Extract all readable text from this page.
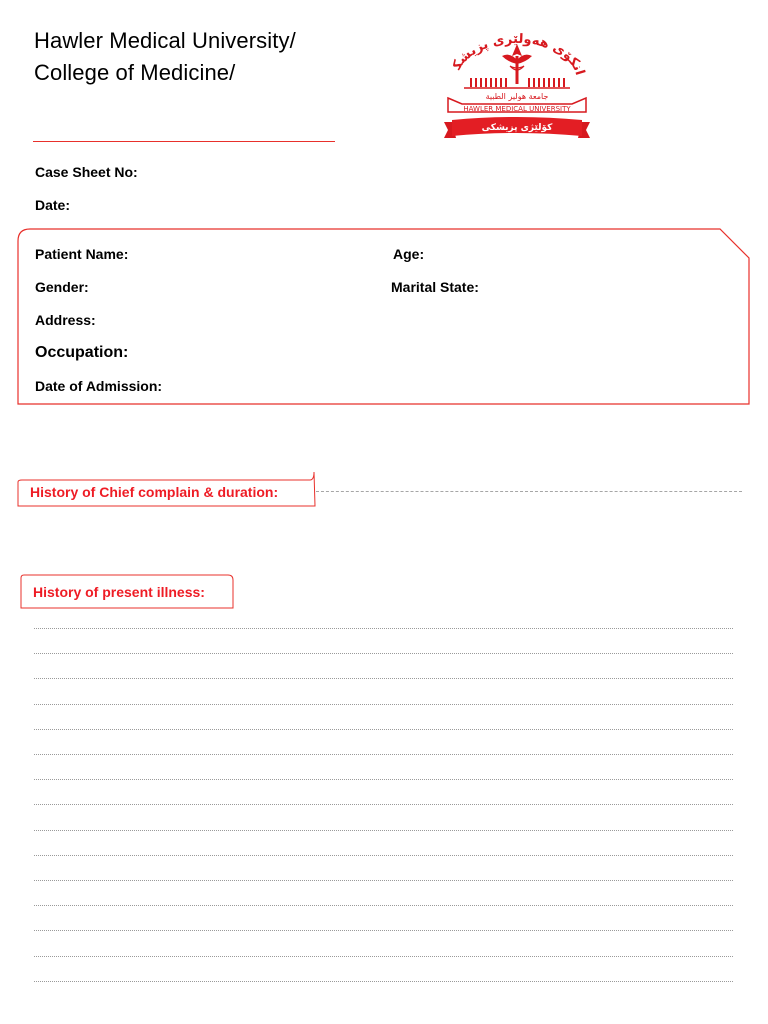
Hawler Medical University/
College of Medicine/	انکۆی هەولێری پزیشک
جامعة هولير الطبية
HAWLER MEDICAL UNIVERSITY
کۆلێژی پزیشکی
Case Sheet No:
Date:
Patient Name:	Age:
Gender:	Marital State:
Address:
Occupation:
Date of Admission:
History of Chief complain & duration:
History of present illness:
